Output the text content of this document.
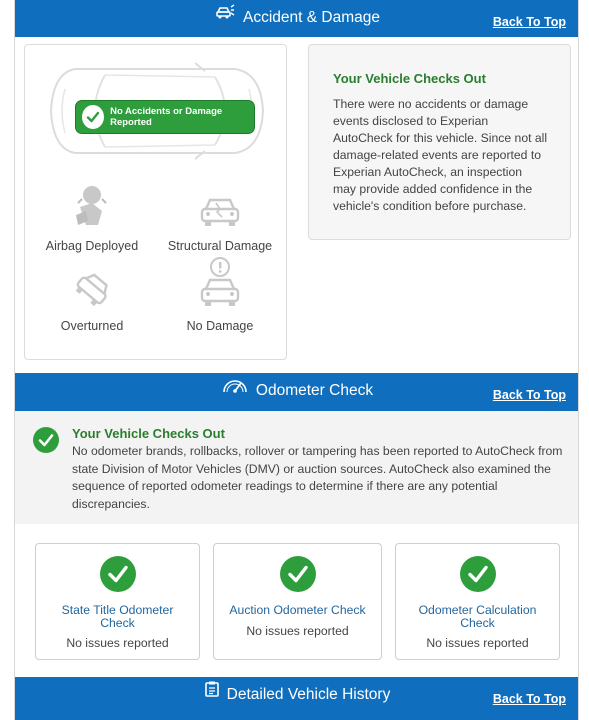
Accident & Damage	Back To Top
No Accidents or Damage Reported
Airbag Deployed	Structural Damage
Overturned	No Damage
Your Vehicle Checks Out

There were no accidents or damage events disclosed to Experian AutoCheck for this vehicle. Since not all damage-related events are reported to Experian AutoCheck, an inspection may provide added confidence in the vehicle's condition before purchase.

Odometer Check	Back To Top
Your Vehicle Checks Out

No odometer brands, rollbacks, rollover or tampering has been reported to AutoCheck from state Division of Motor Vehicles (DMV) or auction sources. AutoCheck also examined the sequence of reported odometer readings to determine if there are any potential discrepancies.

State Title Odometer Check
No issues reported
Auction Odometer Check
No issues reported
Odometer Calculation Check
No issues reported
Detailed Vehicle History	Back To Top
